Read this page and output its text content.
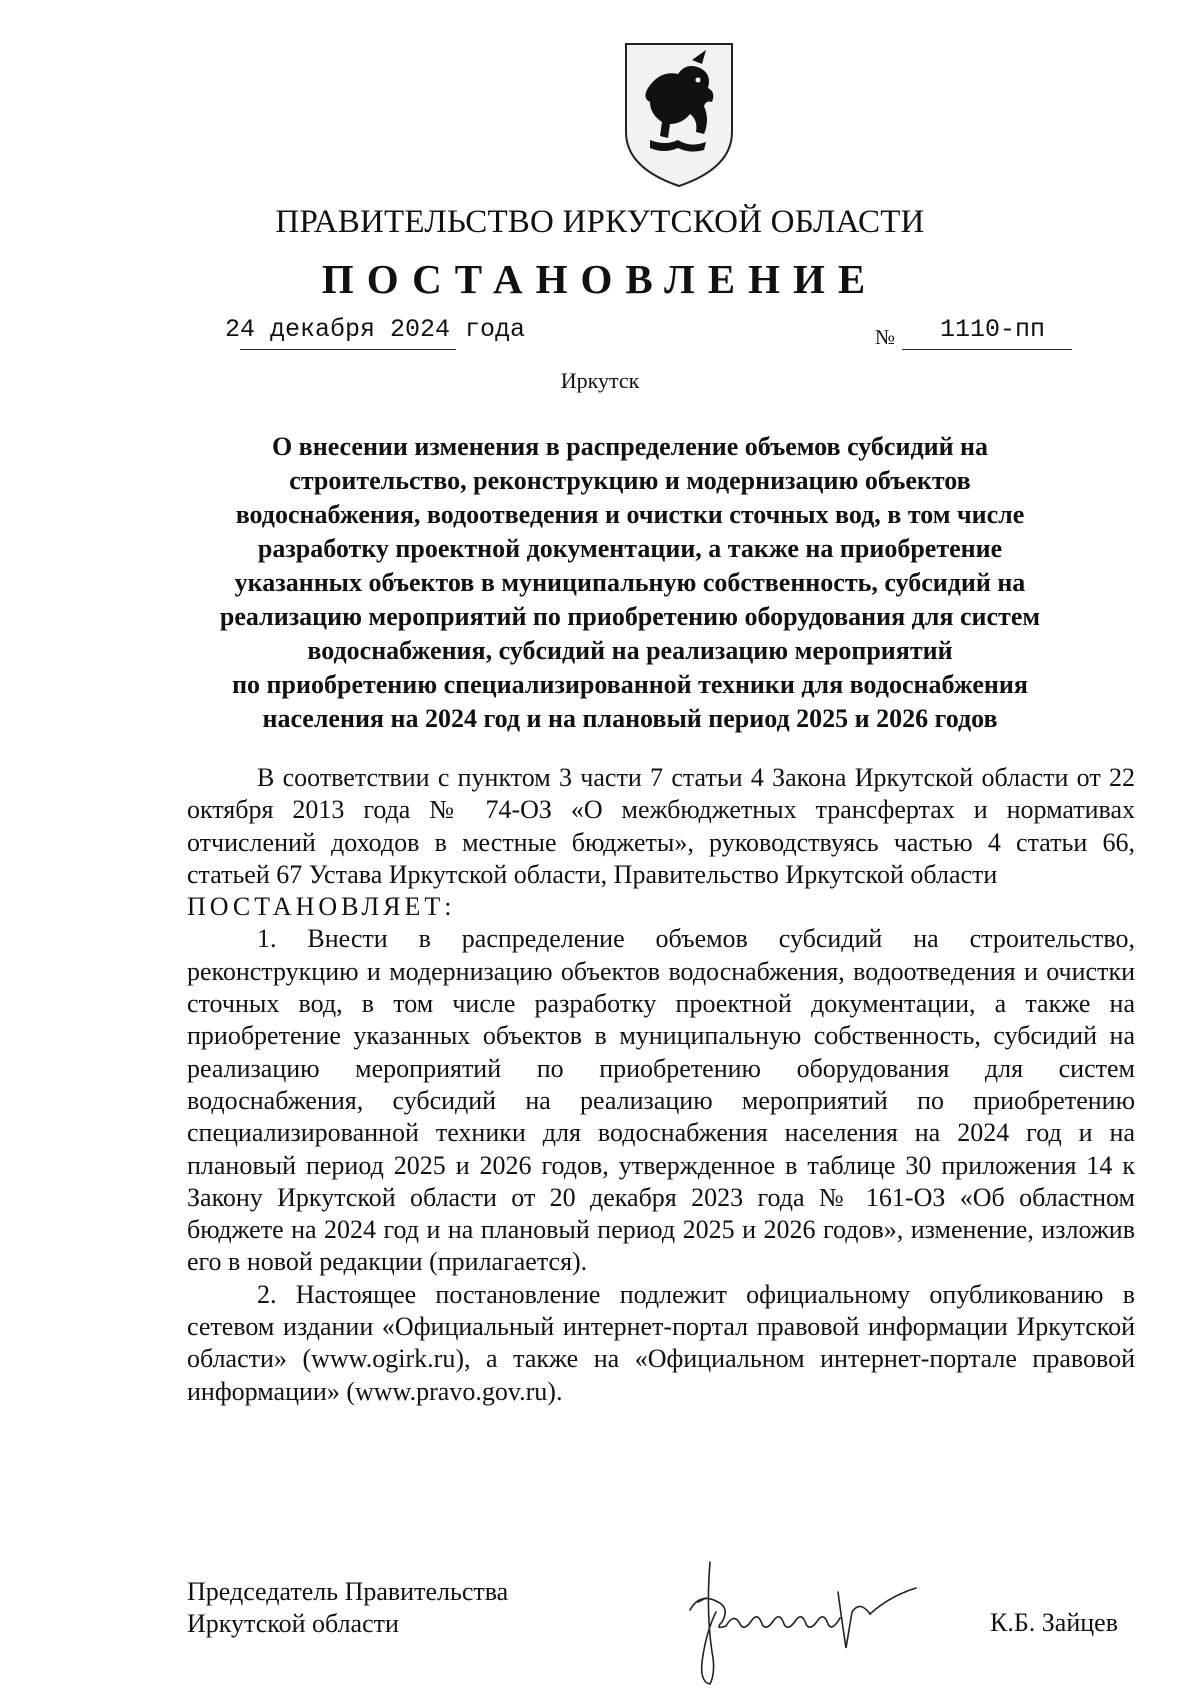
ПРАВИТЕЛЬСТВО ИРКУТСКОЙ ОБЛАСТИ
ПОСТАНОВЛЕНИЕ
24 декабря 2024 года	№ 1110-пп
Иркутск
О внесении изменения в распределение объемов субсидий на
строительство, реконструкцию и модернизацию объектов
водоснабжения, водоотведения и очистки сточных вод, в том числе
разработку проектной документации, а также на приобретение
указанных объектов в муниципальную собственность, субсидий на
реализацию мероприятий по приобретению оборудования для систем
водоснабжения, субсидий на реализацию мероприятий
по приобретению специализированной техники для водоснабжения
населения на 2024 год и на плановый период 2025 и 2026 годов

В соответствии с пунктом 3 части 7 статьи 4 Закона Иркутской области от 22 октября 2013 года № 74-ОЗ «О межбюджетных трансфертах и нормативах отчислений доходов в местные бюджеты», руководствуясь частью 4 статьи 66, статьей 67 Устава Иркутской области, Правительство Иркутской области

ПОСТАНОВЛЯЕТ:

1. Внести в распределение объемов субсидий на строительство, реконструкцию и модернизацию объектов водоснабжения, водоотведения и очистки сточных вод, в том числе разработку проектной документации, а также на приобретение указанных объектов в муниципальную собственность, субсидий на реализацию мероприятий по приобретению оборудования для систем водоснабжения, субсидий на реализацию мероприятий по приобретению специализированной техники для водоснабжения населения на 2024 год и на плановый период 2025 и 2026 годов, утвержденное в таблице 30 приложения 14 к Закону Иркутской области от 20 декабря 2023 года № 161-ОЗ «Об областном бюджете на 2024 год и на плановый период 2025 и 2026 годов», изменение, изложив его в новой редакции (прилагается).

2. Настоящее постановление подлежит официальному опубликованию в сетевом издании «Официальный интернет-портал правовой информации Иркутской области» (www.ogirk.ru), а также на «Официальном интернет-портале правовой информации» (www.pravo.gov.ru).

Председатель Правительства
Иркутской области	К.Б. Зайцев
